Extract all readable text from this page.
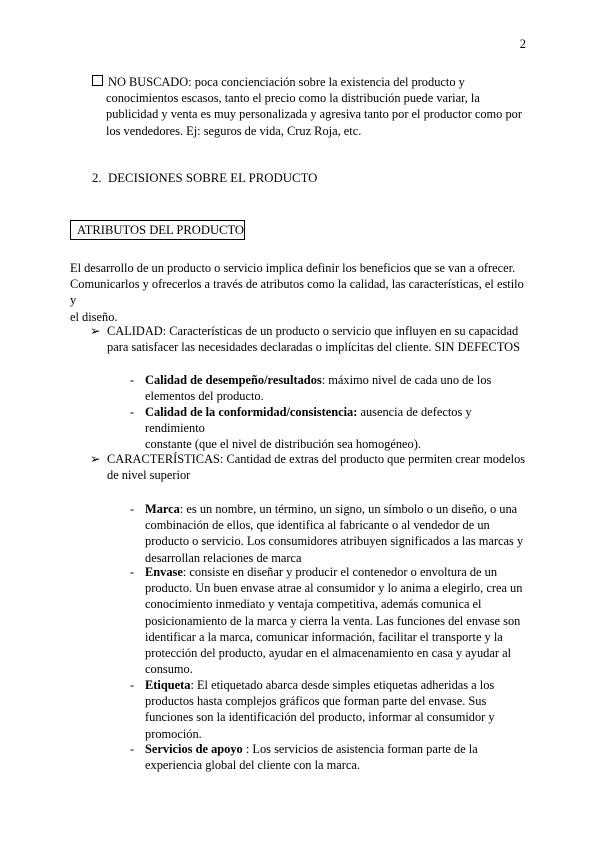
2
NO BUSCADO: poca concienciación sobre la existencia del producto y
conocimientos escasos, tanto el precio como la distribución puede variar, la
publicidad y venta es muy personalizada y agresiva tanto por el productor como por
los vendedores. Ej: seguros de vida, Cruz Roja, etc.
2. DECISIONES SOBRE EL PRODUCTO
ATRIBUTOS DEL PRODUCTO
El desarrollo de un producto o servicio implica definir los beneficios que se van a ofrecer.
Comunicarlos y ofrecerlos a través de atributos como la calidad, las características, el estilo y
el diseño.
➢ CALIDAD: Características de un producto o servicio que influyen en su capacidad
para satisfacer las necesidades declaradas o implícitas del cliente. SIN DEFECTOS
- Calidad de desempeño/resultados: máximo nivel de cada uno de los
elementos del producto.
- Calidad de la conformidad/consistencia: ausencia de defectos y rendimiento
constante (que el nivel de distribución sea homogéneo).
➢ CARACTERÍSTICAS: Cantidad de extras del producto que permiten crear modelos
de nivel superior
- Marca: es un nombre, un término, un signo, un símbolo o un diseño, o una
combinación de ellos, que identifica al fabricante o al vendedor de un
producto o servicio. Los consumidores atribuyen significados a las marcas y
desarrollan relaciones de marca
- Envase: consiste en diseñar y producir el contenedor o envoltura de un
producto. Un buen envase atrae al consumidor y lo anima a elegirlo, crea un
conocimiento inmediato y ventaja competitiva, además comunica el
posicionamiento de la marca y cierra la venta. Las funciones del envase son
identificar a la marca, comunicar información, facilitar el transporte y la
protección del producto, ayudar en el almacenamiento en casa y ayudar al
consumo.
- Etiqueta: El etiquetado abarca desde simples etiquetas adheridas a los
productos hasta complejos gráficos que forman parte del envase. Sus
funciones son la identificación del producto, informar al consumidor y
promoción.
- Servicios de apoyo : Los servicios de asistencia forman parte de la
experiencia global del cliente con la marca.
